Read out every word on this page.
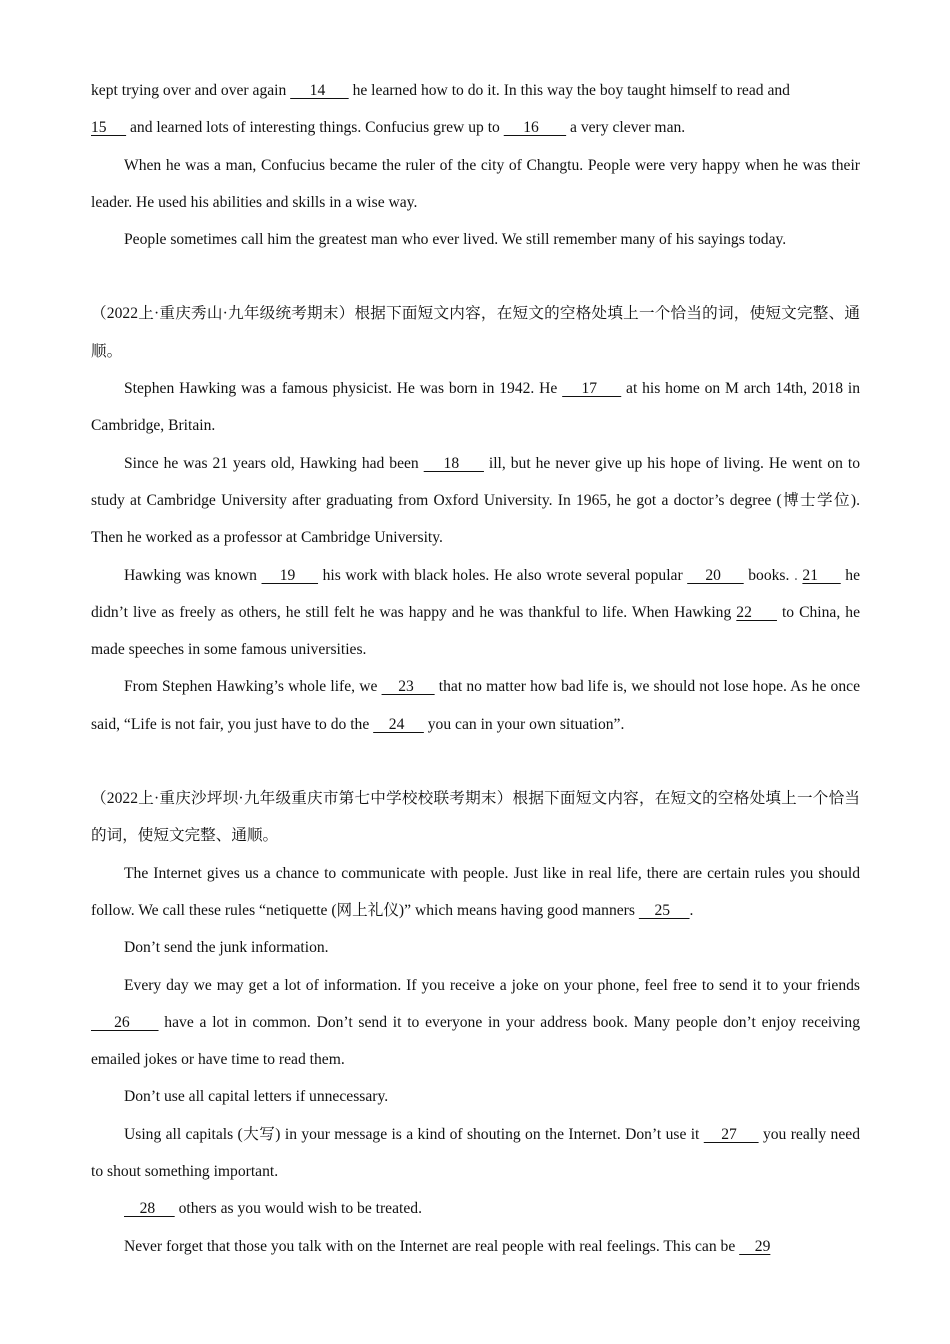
kept trying over and over again      14       he learned how to do it. In this way the boy taught himself to read and

15      and learned lots of interesting things. Confucius grew up to      16        a very clever man.

When he was a man, Confucius became the ruler of the city of Changtu. People were very happy when he was their leader. He used his abilities and skills in a wise way.

People sometimes call him the greatest man who ever lived. We still remember many of his sayings today.

（2022上·重庆秀山·九年级统考期末）根据下面短文内容，在短文的空格处填上一个恰当的词，使短文完整、通顺。

Stephen Hawking was a famous physicist. He was born in 1942. He     17      at his home on M arch 14th, 2018 in Cambridge, Britain.

Since he was 21 years old, Hawking had been     18      ill, but he never give up his hope of living. He went on to study at Cambridge University after graduating from Oxford University. In 1965, he got a doctor’s degree (博士学位). Then he worked as a professor at Cambridge University.

Hawking was known     19      his work with black holes. He also wrote several popular     20      books. . 21      he didn’t live as freely as others, he still felt he was happy and he was thankful to life. When Hawking 22      to China, he made speeches in some famous universities.

From Stephen Hawking’s whole life, we     23      that no matter how bad life is, we should not lose hope. As he once said, “Life is not fair, you just have to do the     24      you can in your own situation”.

（2022上·重庆沙坪坝·九年级重庆市第七中学校校联考期末）根据下面短文内容，在短文的空格处填上一个恰当的词，使短文完整、通顺。

The Internet gives us a chance to communicate with people. Just like in real life, there are certain rules you should follow. We call these rules “netiquette (网上礼仪)” which means having good manners     25     .

Don’t send the junk information.

Every day we may get a lot of information. If you receive a joke on your phone, feel free to send it to your friends     26      have a lot in common. Don’t send it to everyone in your address book. Many people don’t enjoy receiving emailed jokes or have time to read them.

Don’t use all capital letters if unnecessary.

Using all capitals (大写) in your message is a kind of shouting on the Internet. Don’t use it     27      you really need to shout something important.

28      others as you would wish to be treated.

Never forget that those you talk with on the Internet are real people with real feelings. This can be     29
